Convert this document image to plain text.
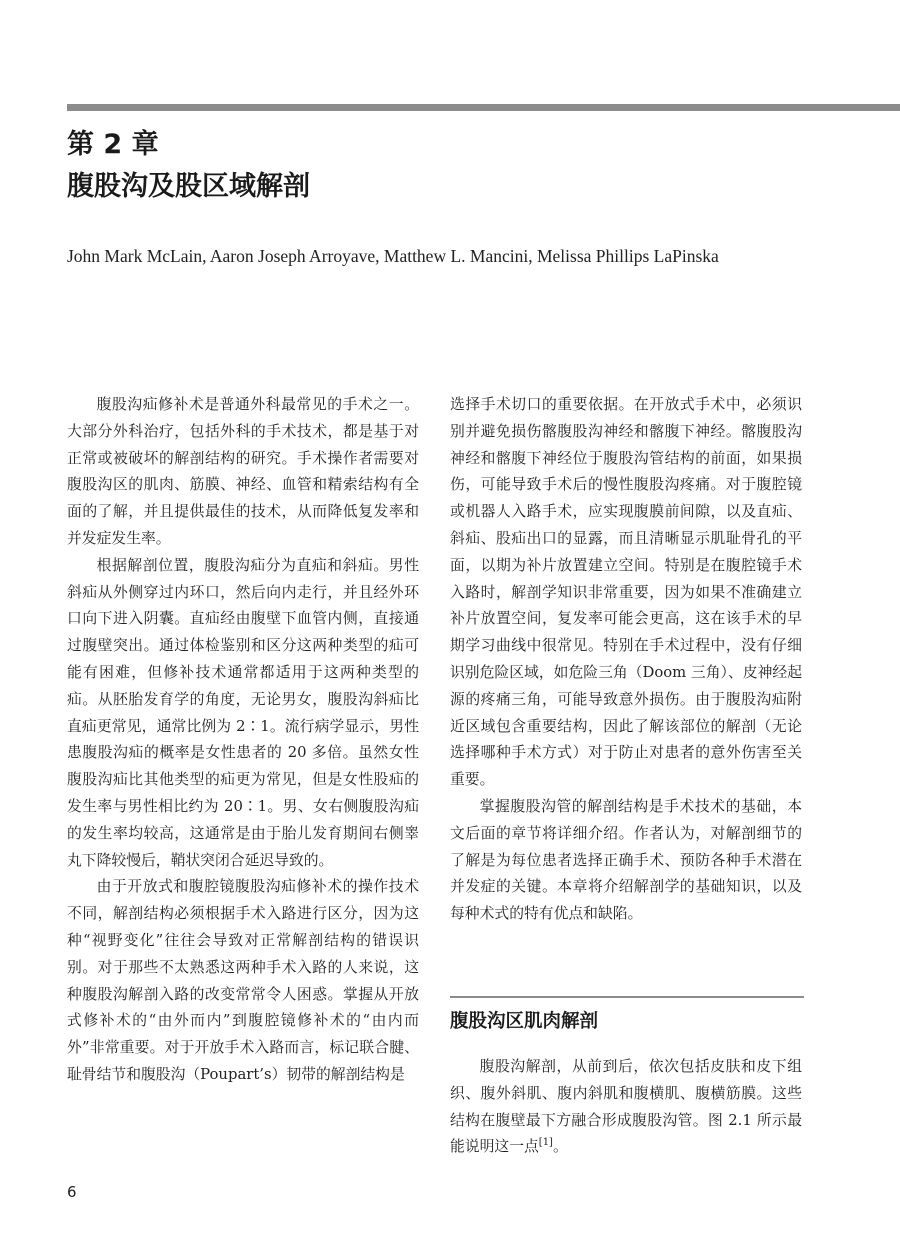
第 2 章
腹股沟及股区域解剖
John Mark McLain, Aaron Joseph Arroyave, Matthew L. Mancini, Melissa Phillips LaPinska

腹股沟疝修补术是普通外科最常见的手术之一。大部分外科治疗，包括外科的手术技术，都是基于对正常或被破坏的解剖结构的研究。手术操作者需要对腹股沟区的肌肉、筋膜、神经、血管和精索结构有全面的了解，并且提供最佳的技术，从而降低复发率和并发症发生率。

根据解剖位置，腹股沟疝分为直疝和斜疝。男性斜疝从外侧穿过内环口，然后向内走行，并且经外环口向下进入阴囊。直疝经由腹壁下血管内侧，直接通过腹壁突出。通过体检鉴别和区分这两种类型的疝可能有困难，但修补技术通常都适用于这两种类型的疝。从胚胎发育学的角度，无论男女，腹股沟斜疝比直疝更常见，通常比例为 2∶1。流行病学显示，男性患腹股沟疝的概率是女性患者的 20 多倍。虽然女性腹股沟疝比其他类型的疝更为常见，但是女性股疝的发生率与男性相比约为 20∶1。男、女右侧腹股沟疝的发生率均较高，这通常是由于胎儿发育期间右侧睾丸下降较慢后，鞘状突闭合延迟导致的。

由于开放式和腹腔镜腹股沟疝修补术的操作技术不同，解剖结构必须根据手术入路进行区分，因为这种“视野变化”往往会导致对正常解剖结构的错误识别。对于那些不太熟悉这两种手术入路的人来说，这种腹股沟解剖入路的改变常常令人困惑。掌握从开放式修补术的“由外而内”到腹腔镜修补术的“由内而外”非常重要。对于开放手术入路而言，标记联合腱、耻骨结节和腹股沟（Poupart’s）韧带的解剖结构是

选择手术切口的重要依据。在开放式手术中，必须识别并避免损伤髂腹股沟神经和髂腹下神经。髂腹股沟神经和髂腹下神经位于腹股沟管结构的前面，如果损伤，可能导致手术后的慢性腹股沟疼痛。对于腹腔镜或机器人入路手术，应实现腹膜前间隙，以及直疝、斜疝、股疝出口的显露，而且清晰显示肌耻骨孔的平面，以期为补片放置建立空间。特别是在腹腔镜手术入路时，解剖学知识非常重要，因为如果不准确建立补片放置空间，复发率可能会更高，这在该手术的早期学习曲线中很常见。特别在手术过程中，没有仔细识别危险区域，如危险三角（Doom 三角）、皮神经起源的疼痛三角，可能导致意外损伤。由于腹股沟疝附近区域包含重要结构，因此了解该部位的解剖（无论选择哪种手术方式）对于防止对患者的意外伤害至关重要。

掌握腹股沟管的解剖结构是手术技术的基础，本文后面的章节将详细介绍。作者认为，对解剖细节的了解是为每位患者选择正确手术、预防各种手术潜在并发症的关键。本章将介绍解剖学的基础知识，以及每种术式的特有优点和缺陷。

腹股沟区肌肉解剖

腹股沟解剖，从前到后，依次包括皮肤和皮下组织、腹外斜肌、腹内斜肌和腹横肌、腹横筋膜。这些结构在腹壁最下方融合形成腹股沟管。图 2.1 所示最能说明这一点[1]。

6
